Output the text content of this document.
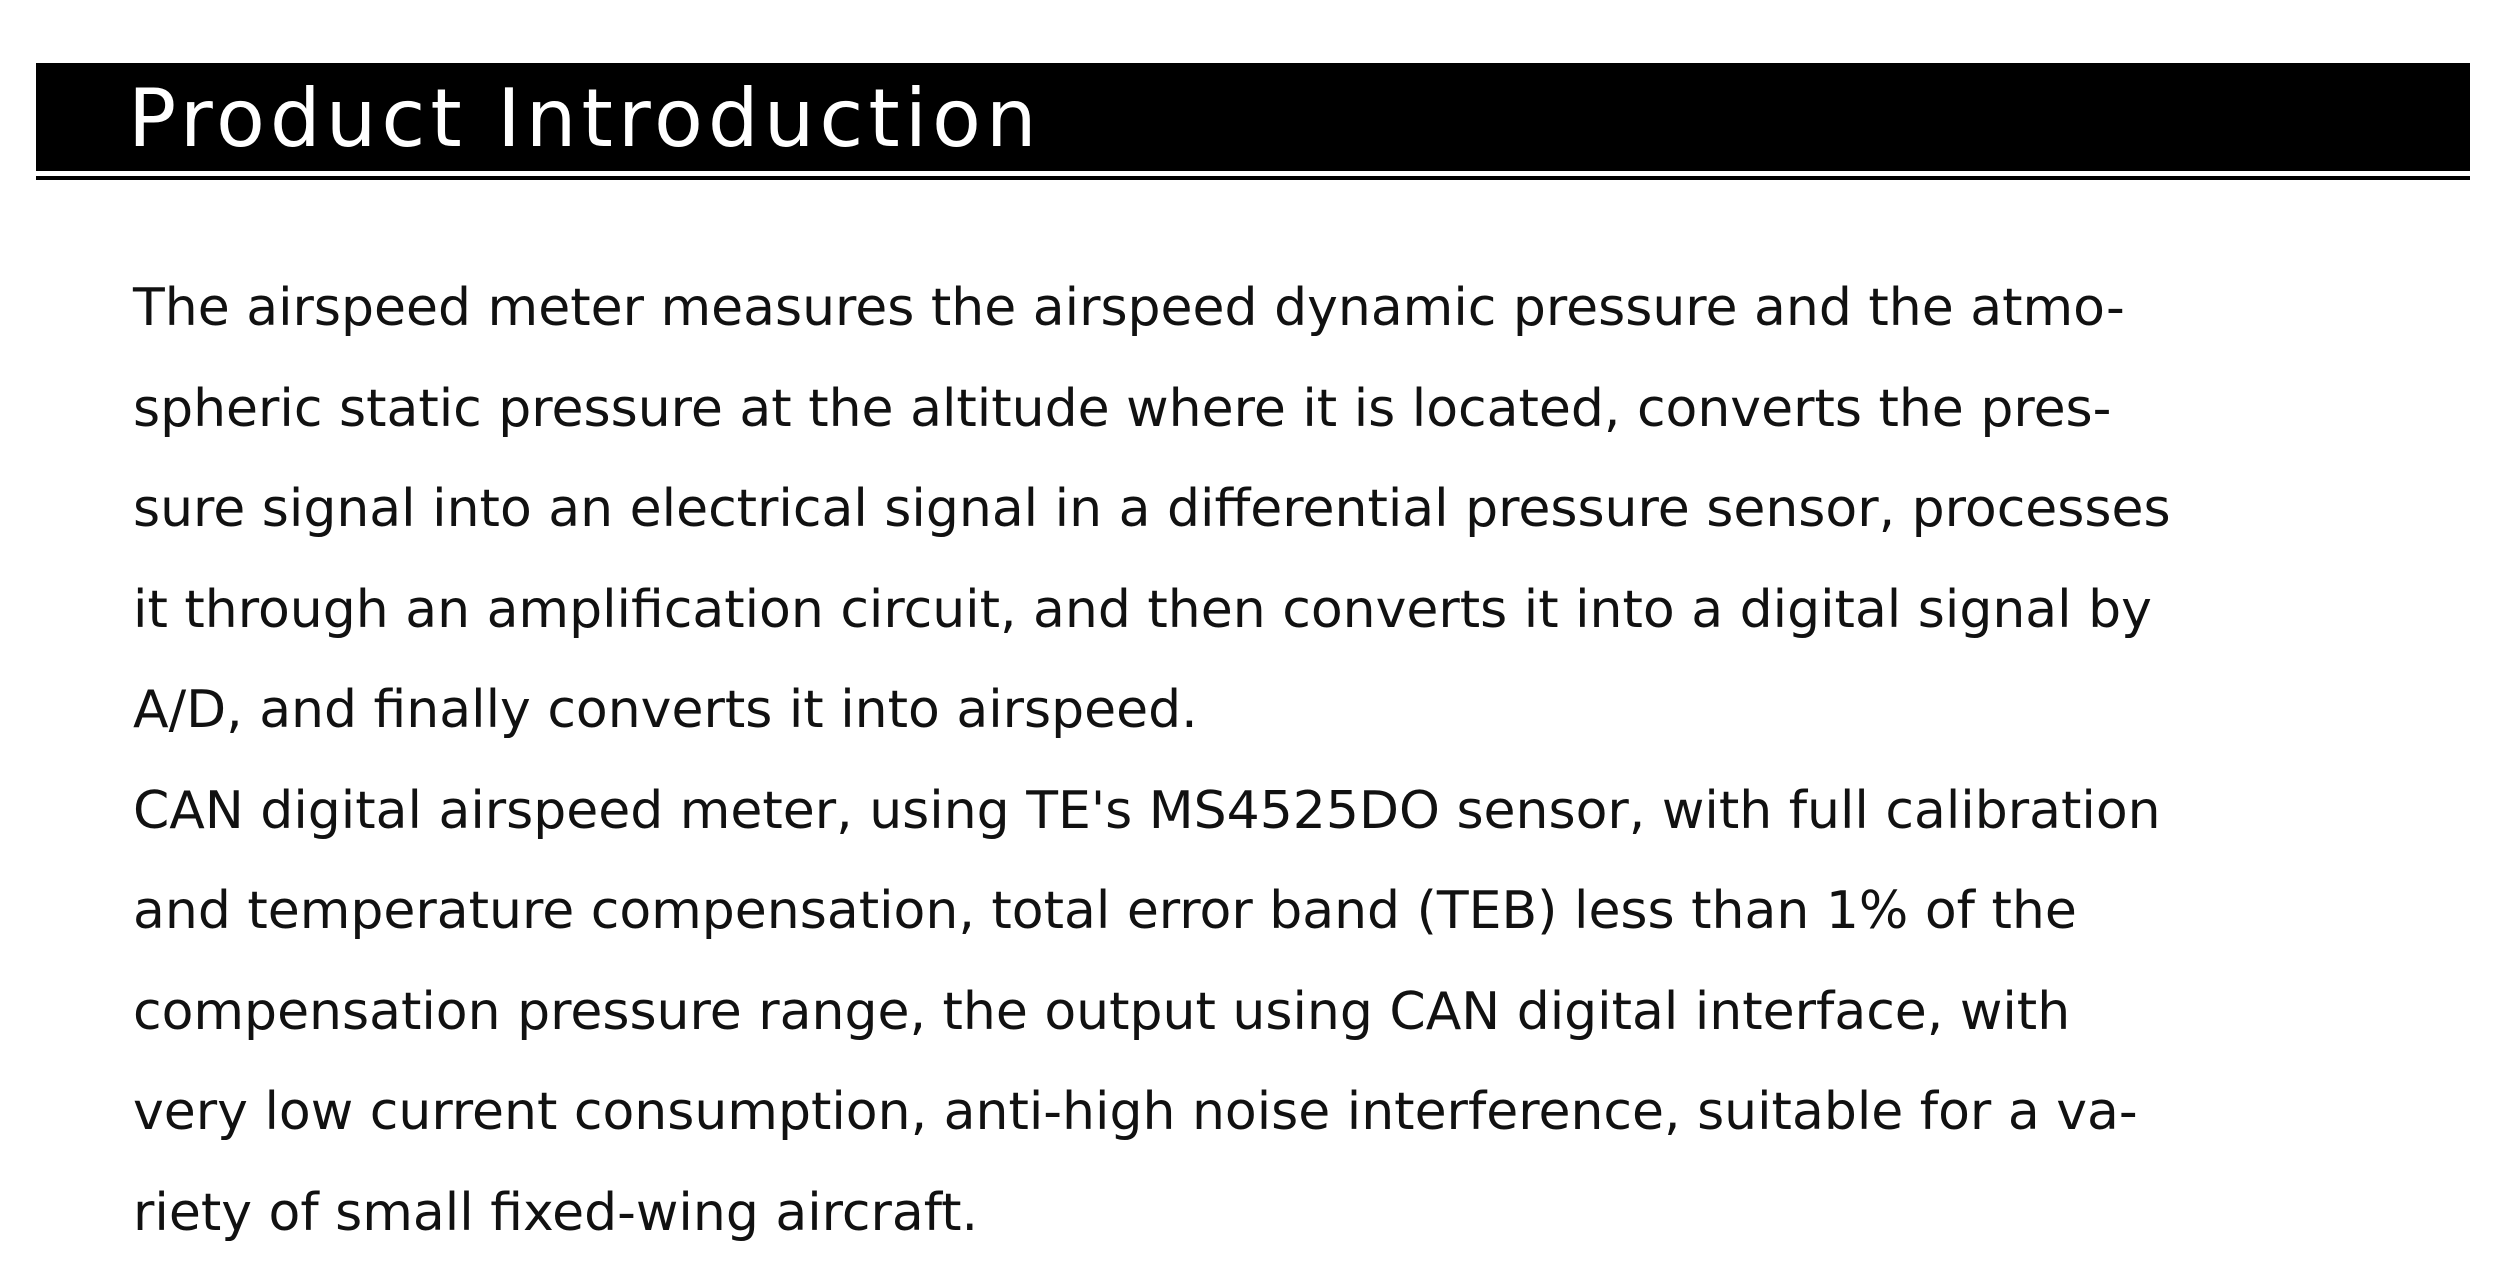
Product Introduction
The airspeed meter measures the airspeed dynamic pressure and the atmo-
spheric static pressure at the altitude where it is located, converts the pres-
sure signal into an electrical signal in a differential pressure sensor, processes
it through an amplification circuit, and then converts it into a digital signal by
A/D, and finally converts it into airspeed.
CAN digital airspeed meter, using TE's MS4525DO sensor, with full calibration
and temperature compensation, total error band (TEB) less than 1% of the
compensation pressure range, the output using CAN digital interface, with
very low current consumption, anti-high noise interference, suitable for a va-
riety of small fixed-wing aircraft.
